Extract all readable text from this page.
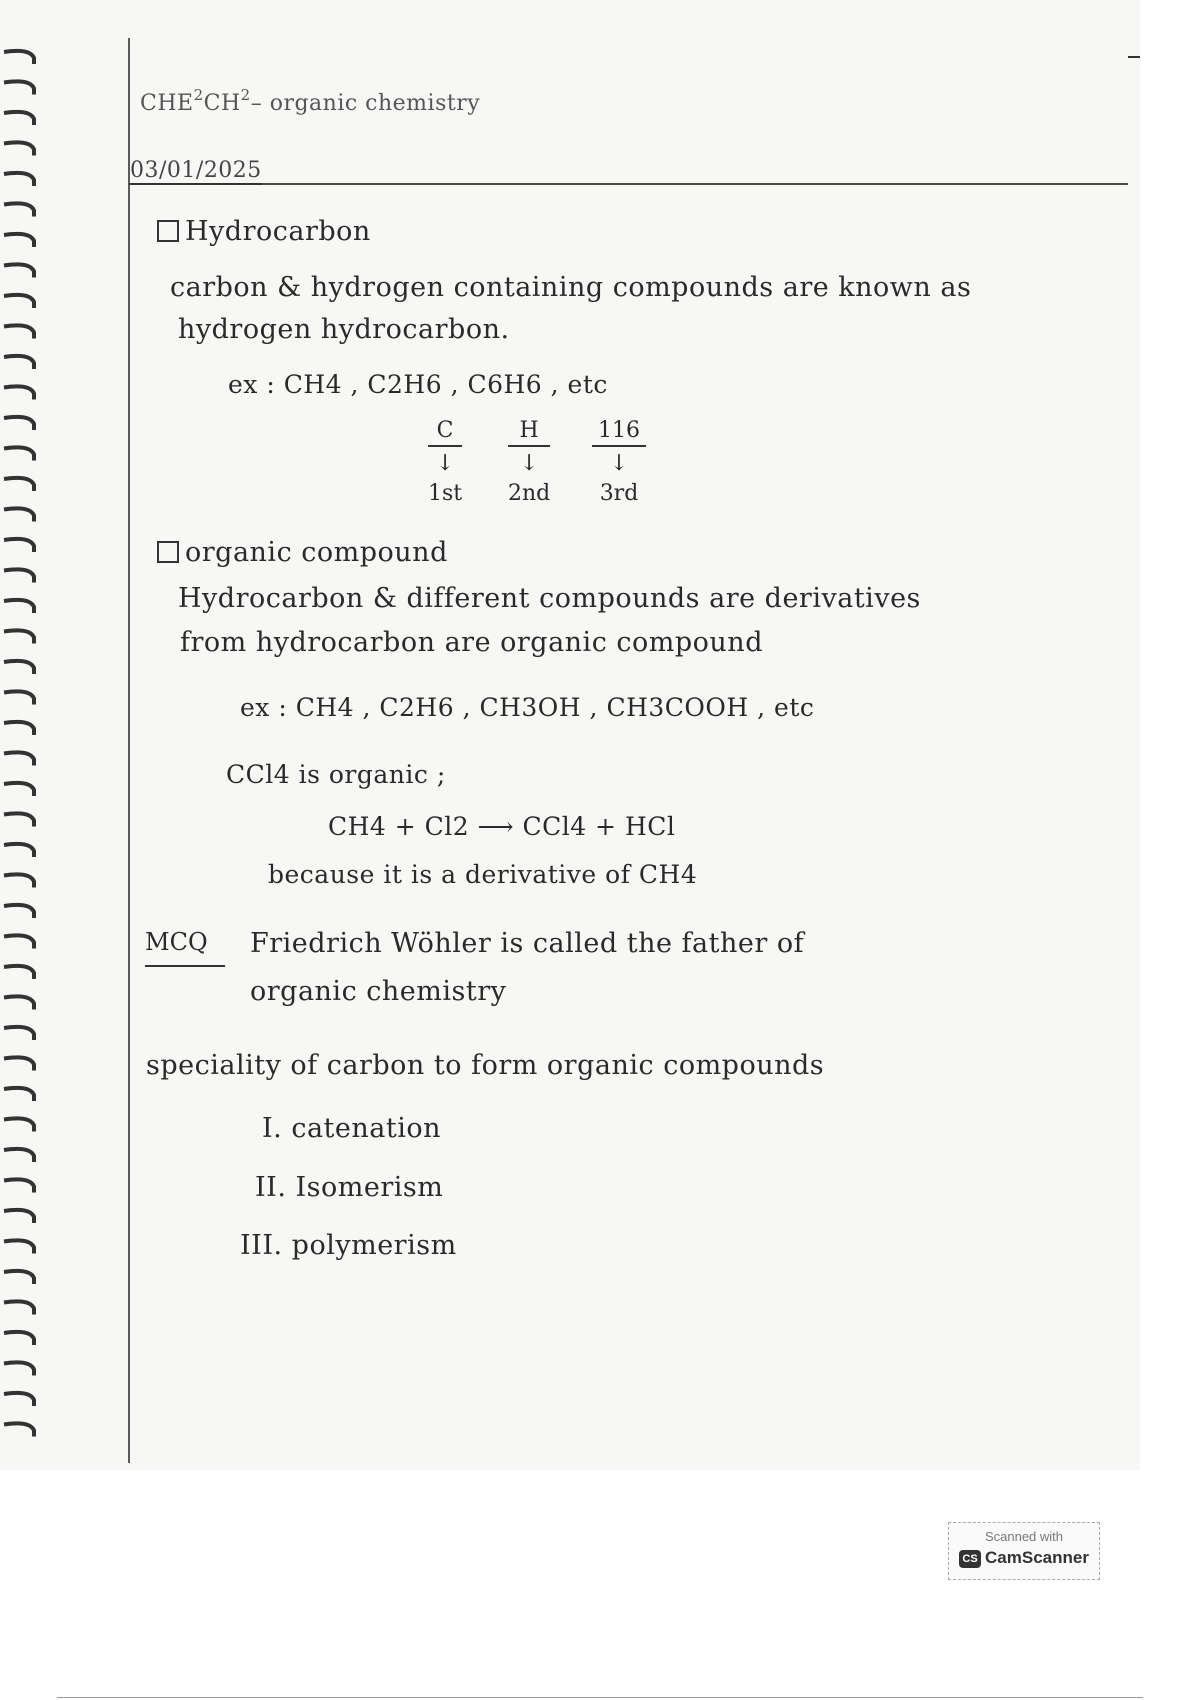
$CHE^2CH^2-$ organic chemistry
03/01/2025
Hydrocarbon
carbon & hydrogen containing compounds are known as
hydrogen hydrocarbon.
ex : CH4 , C2H6 , C6H6 , etc
C
↓
1st
H
↓
2nd
116
↓
3rd
organic compound
Hydrocarbon & different compounds are derivatives
from hydrocarbon are organic compound
ex : CH4 , C2H6 , CH3OH , CH3COOH , etc
CCl4 is organic ;
CH4 + Cl2 ⟶ CCl4 + HCl
because it is a derivative of CH4
MCQ Friedrich Wöhler is called the father of
organic chemistry
speciality of carbon to form organic compounds
I. catenation
II. Isomerism
III. polymerism
Scanned with
CS CamScanner
